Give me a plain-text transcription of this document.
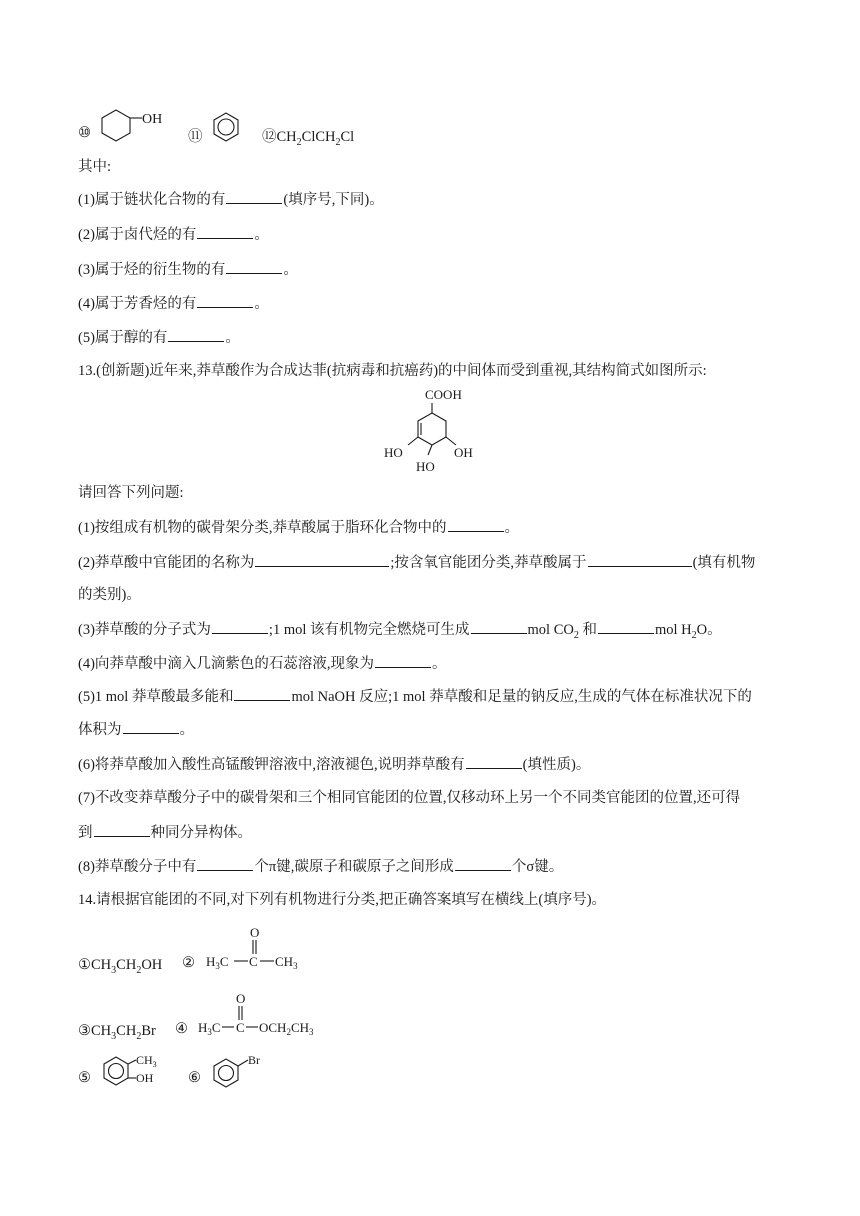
⑩
OH
⑪	$⑫CH_2ClCH_2Cl$
其中:
(1)属于链状化合物的有	(填序号,下同)。
(2)属于卤代烃的有	。
(3)属于烃的衍生物的有	。
(4)属于芳香烃的有	。
(5)属于醇的有	。
13.(创新题)近年来,莽草酸作为合成达菲(抗病毒和抗癌药)的中间体而受到重视,其结构简式如图所示:
COOH
HO
HO
OH
请回答下列问题:
(1)按组成有机物的碳骨架分类,莽草酸属于脂环化合物中的	。
(2)莽草酸中官能团的名称为	;按含氧官能团分类,莽草酸属于	(填有机物
的类别)。
(3)莽草酸的分子式为	;1 mol 该有机物完全燃烧可生成	mol $CO_2$ 和	mol $H_2O$。
(4)向莽草酸中滴入几滴紫色的石蕊溶液,现象为	。
(5)1 mol 莽草酸最多能和	mol NaOH 反应;1 mol 莽草酸和足量的钠反应,生成的气体在标准状况下的
体积为	。
(6)将莽草酸加入酸性高锰酸钾溶液中,溶液褪色,说明莽草酸有	(填性质)。
(7)不改变莽草酸分子中的碳骨架和三个相同官能团的位置,仅移动环上另一个不同类官能团的位置,还可得
到	种同分异构体。
(8)莽草酸分子中有	个π键,碳原子和碳原子之间形成	个σ键。
14.请根据官能团的不同,对下列有机物进行分类,把正确答案填写在横线上(填序号)。
$①CH_3CH_2OH$ ②
O
$H_3C$ C $CH_3$
$③CH_3CH_2Br$ ④
O
$H_3C$ C $OCH_2CH_3$
⑤
$CH_3$
OH ⑥
Br
